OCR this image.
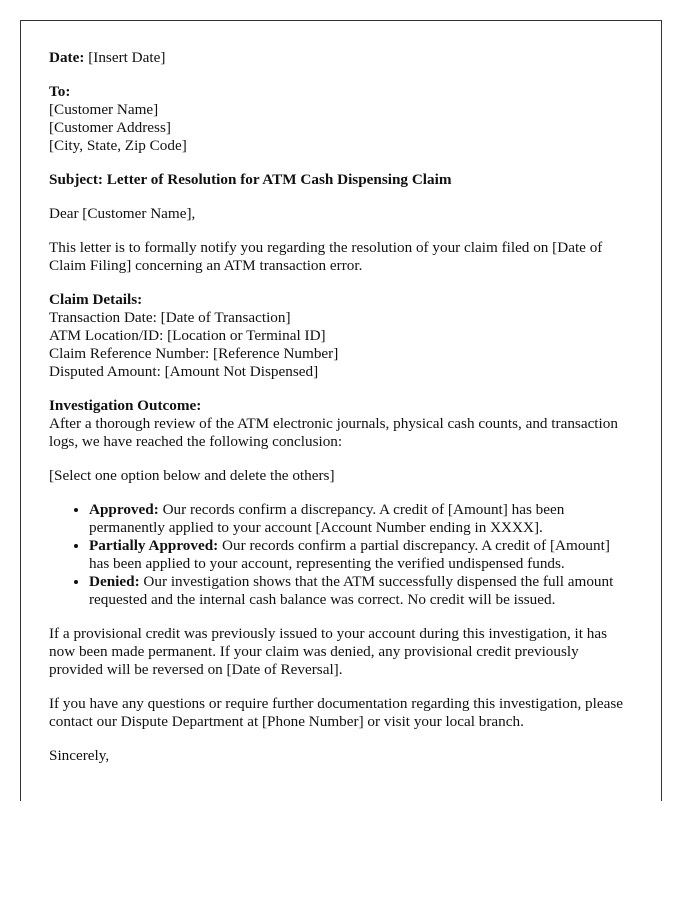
Date: [Insert Date]

To:
[Customer Name]
[Customer Address]
[City, State, Zip Code]

Subject: Letter of Resolution for ATM Cash Dispensing Claim

Dear [Customer Name],

This letter is to formally notify you regarding the resolution of your claim filed on [Date of Claim Filing] concerning an ATM transaction error.

Claim Details:
Transaction Date: [Date of Transaction]
ATM Location/ID: [Location or Terminal ID]
Claim Reference Number: [Reference Number]
Disputed Amount: [Amount Not Dispensed]

Investigation Outcome:
After a thorough review of the ATM electronic journals, physical cash counts, and transaction logs, we have reached the following conclusion:

[Select one option below and delete the others]

• Approved: Our records confirm a discrepancy. A credit of [Amount] has been permanently applied to your account [Account Number ending in XXXX].
• Partially Approved: Our records confirm a partial discrepancy. A credit of [Amount] has been applied to your account, representing the verified undispensed funds.
• Denied: Our investigation shows that the ATM successfully dispensed the full amount requested and the internal cash balance was correct. No credit will be issued.

If a provisional credit was previously issued to your account during this investigation, it has now been made permanent. If your claim was denied, any provisional credit previously provided will be reversed on [Date of Reversal].

If you have any questions or require further documentation regarding this investigation, please contact our Dispute Department at [Phone Number] or visit your local branch.

Sincerely,
